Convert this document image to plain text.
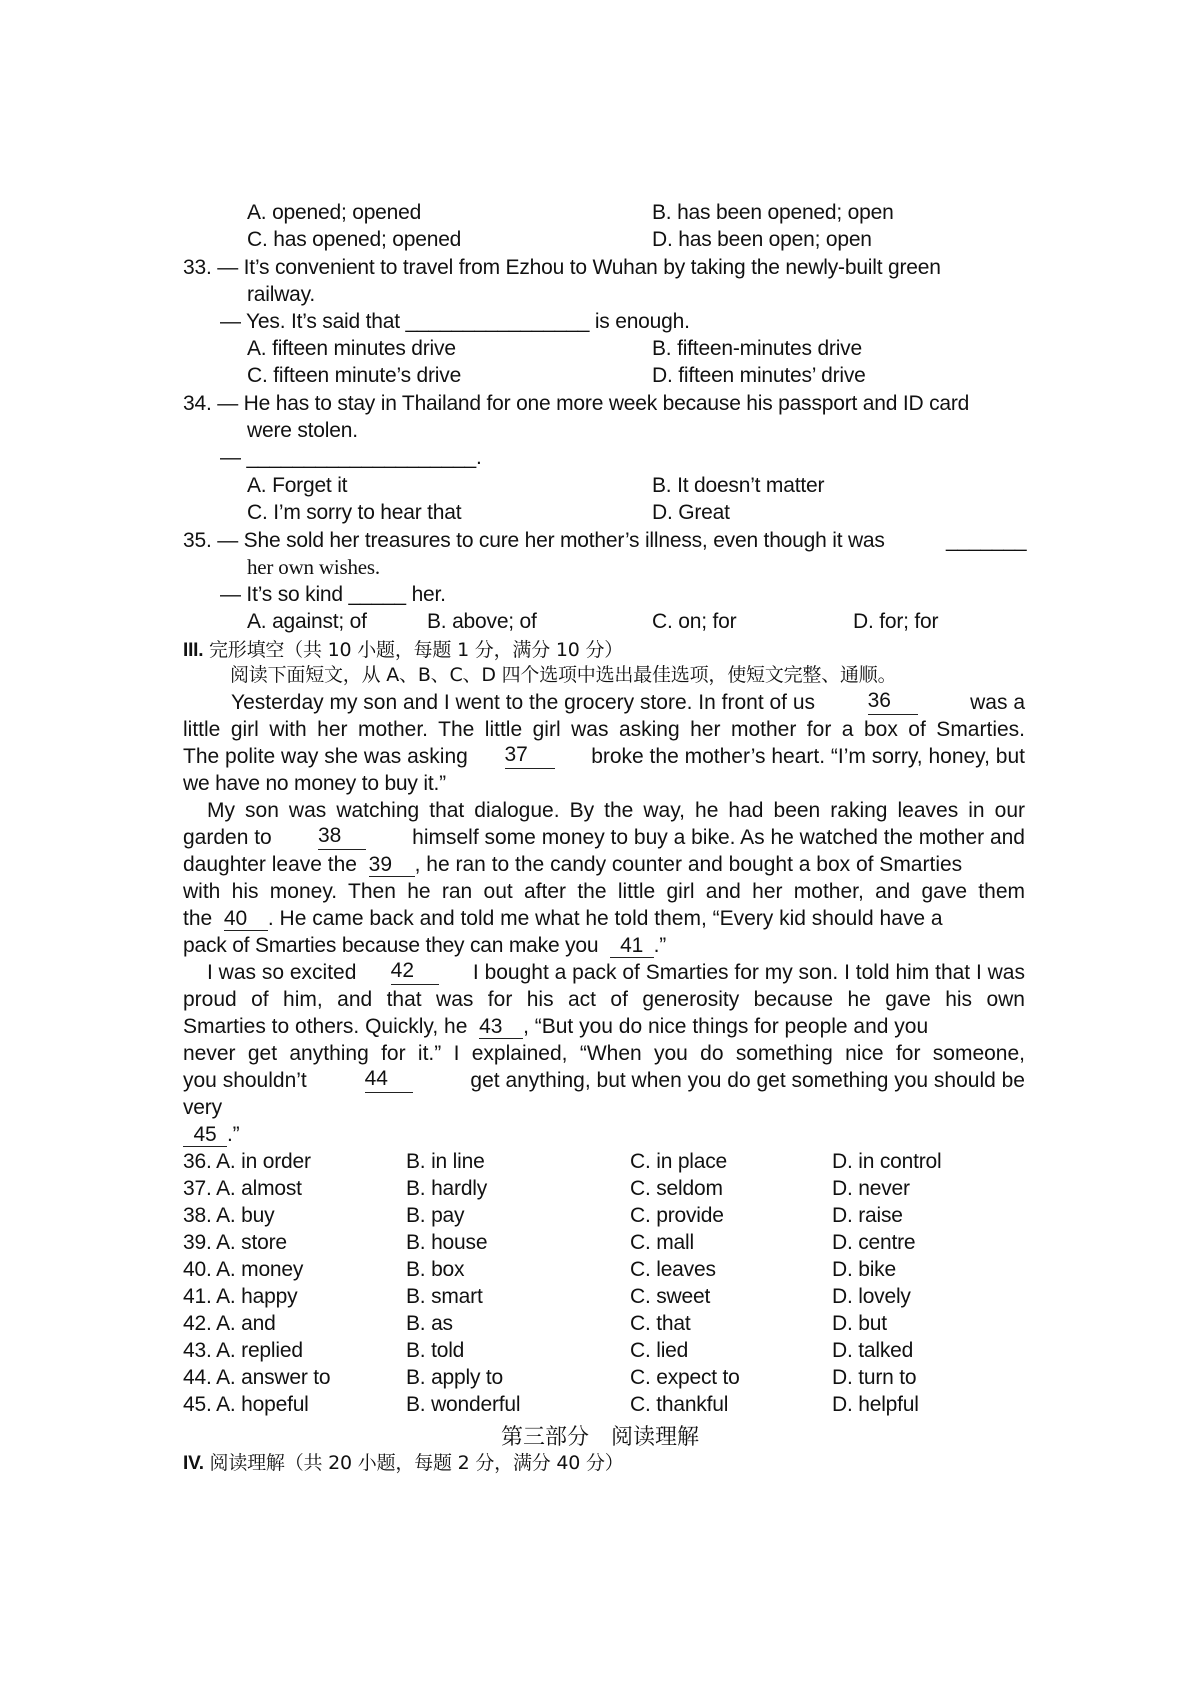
A. opened; opened	B. has been opened; open
C. has opened; opened	D. has been open; open
33. — It’s convenient to travel from Ezhou to Wuhan by taking the newly-built green
railway.
— Yes. It’s said that ________________ is enough.
A. fifteen minutes drive	B. fifteen-minutes drive
C. fifteen minute’s drive	D. fifteen minutes’ drive
34. — He has to stay in Thailand for one more week because his passport and ID card
were stolen.
— ____________________.
A. Forget it	B. It doesn’t matter
C. I’m sorry to hear that	D. Great
35. — She sold her treasures to cure her mother’s illness, even though it was	_______
her own wishes.
— It’s so kind _____ her.
A. against; of	B. above; of	C. on; for	D. for; for
III. 完形填空（共 10 小题，每题 1 分，满分 10 分）
阅读下面短文，从 A、B、C、D 四个选项中选出最佳选项，使短文完整、通顺。
Yesterday my son and I went to the grocery store. In front of us	36	was a
little girl with her mother. The little girl was asking her mother for a box of Smarties.
The polite way she was asking 37	broke the mother’s heart. “I’m sorry, honey, but
we have no money to buy it.”
My son was watching that dialogue. By the way, he had been raking leaves in our
garden to 38	himself some money to buy a bike. As he watched the mother and
daughter leave the 39 , he ran to the candy counter and bought a box of Smarties
with his money. Then he ran out after the little girl and her mother, and gave them
the 40 . He came back and told me what he told them, “Every kid should have a
pack of Smarties because they can make you 41 .”
I was so excited 42	I bought a pack of Smarties for my son. I told him that I was
proud of him, and that was for his act of generosity because he gave his own
Smarties to others. Quickly, he 43 , “But you do nice things for people and you
never get anything for it.” I explained, “When you do something nice for someone,
you shouldn’t	44	get anything, but when you do get something you should be
very
45 .”
36. A. in order	B. in line	C. in place	D. in control
37. A. almost	B. hardly	C. seldom	D. never
38. A. buy	B. pay	C. provide	D. raise
39. A. store	B. house	C. mall	D. centre
40. A. money	B. box	C. leaves	D. bike
41. A. happy	B. smart	C. sweet	D. lovely
42. A. and	B. as	C. that	D. but
43. A. replied	B. told	C. lied	D. talked
44. A. answer to	B. apply to	C. expect to	D. turn to
45. A. hopeful	B. wonderful	C. thankful	D. helpful
第三部分　阅读理解
IV. 阅读理解（共 20 小题，每题 2 分，满分 40 分）
